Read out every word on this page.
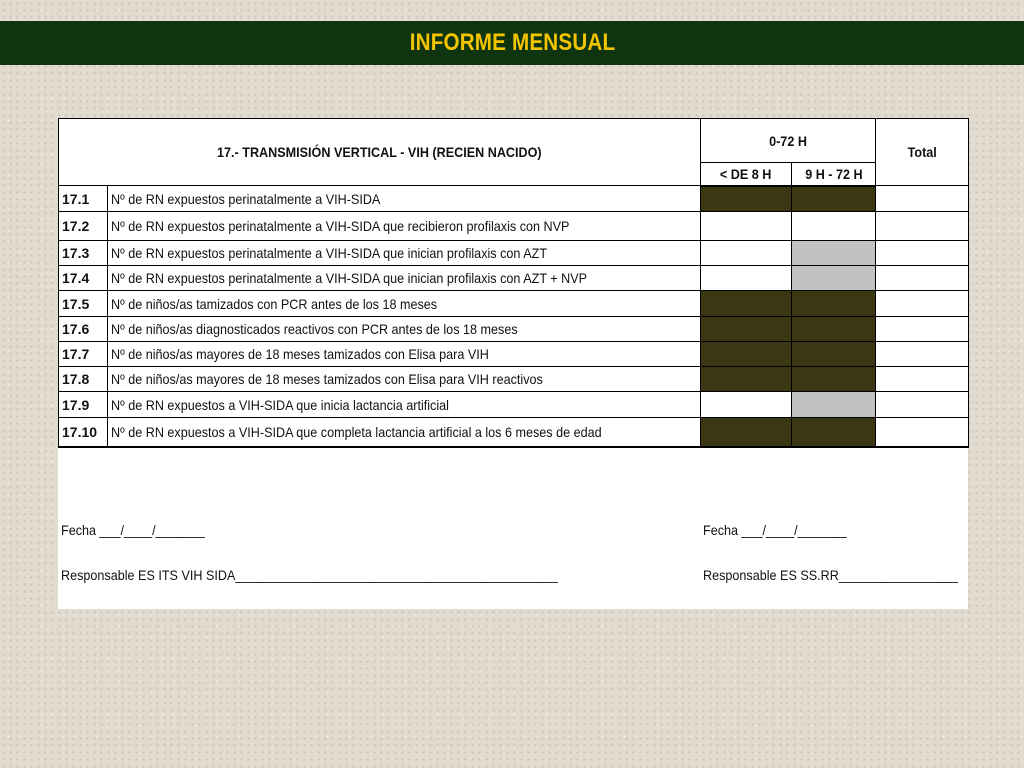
INFORME MENSUAL
17.- TRANSMISIÓN VERTICAL - VIH (RECIEN NACIDO)		0-72 H		Total
		< DE 8 H	9 H - 72 H	
17.1	Nº de RN expuestos perinatalmente a VIH-SIDA			
17.2	Nº de RN expuestos perinatalmente a VIH-SIDA que recibieron profilaxis con NVP			
17.3	Nº de RN expuestos perinatalmente a VIH-SIDA que inician profilaxis con AZT			
17.4	Nº de RN expuestos perinatalmente a VIH-SIDA que inician profilaxis con AZT + NVP			
17.5	Nº de niños/as tamizados con PCR antes de los 18 meses			
17.6	Nº de niños/as diagnosticados reactivos con PCR antes de los 18 meses			
17.7	Nº de niños/as mayores de 18 meses tamizados con Elisa para VIH			
17.8	Nº de niños/as mayores de 18 meses tamizados con Elisa para VIH reactivos			
17.9	Nº de RN expuestos a VIH-SIDA que inicia lactancia artificial			
17.10	Nº de RN expuestos a VIH-SIDA que completa lactancia artificial a los 6 meses de edad			
Fecha ___/____/_______	Fecha ___/____/_______
Responsable ES ITS VIH SIDA______________________________________________	Responsable ES SS.RR_________________
